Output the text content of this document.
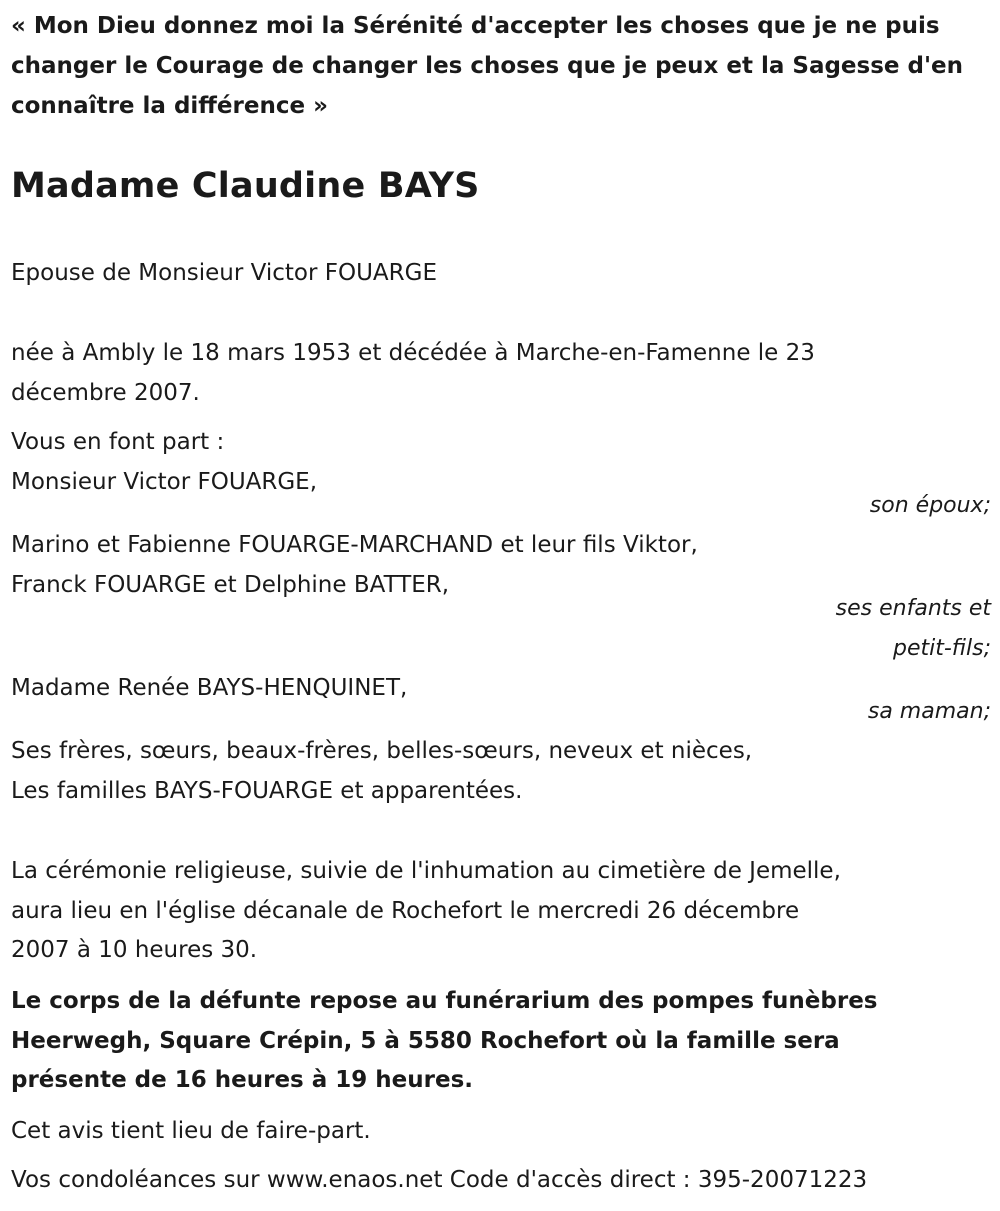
« Mon Dieu donnez moi la Sérénité d'accepter les choses que je ne puis changer le Courage de changer les choses que je peux et la Sagesse d'en connaître la différence »

Madame Claudine BAYS

Epouse de Monsieur Victor FOUARGE

née à Ambly le 18 mars 1953 et décédée à Marche-en-Famenne le 23
décembre 2007.

Vous en font part :

Monsieur Victor FOUARGE,

son époux;

Marino et Fabienne FOUARGE-MARCHAND et leur fils Viktor,
Franck FOUARGE et Delphine BATTER,

ses enfants et
petit-fils;

Madame Renée BAYS-HENQUINET,

sa maman;

Ses frères, sœurs, beaux-frères, belles-sœurs, neveux et nièces,
Les familles BAYS-FOUARGE et apparentées.

La cérémonie religieuse, suivie de l'inhumation au cimetière de Jemelle,
aura lieu en l'église décanale de Rochefort le mercredi 26 décembre
2007 à 10 heures 30.

Le corps de la défunte repose au funérarium des pompes funèbres
Heerwegh, Square Crépin, 5 à 5580 Rochefort où la famille sera
présente de 16 heures à 19 heures.

Cet avis tient lieu de faire-part.

Vos condoléances sur www.enaos.net Code d'accès direct : 395-20071223
